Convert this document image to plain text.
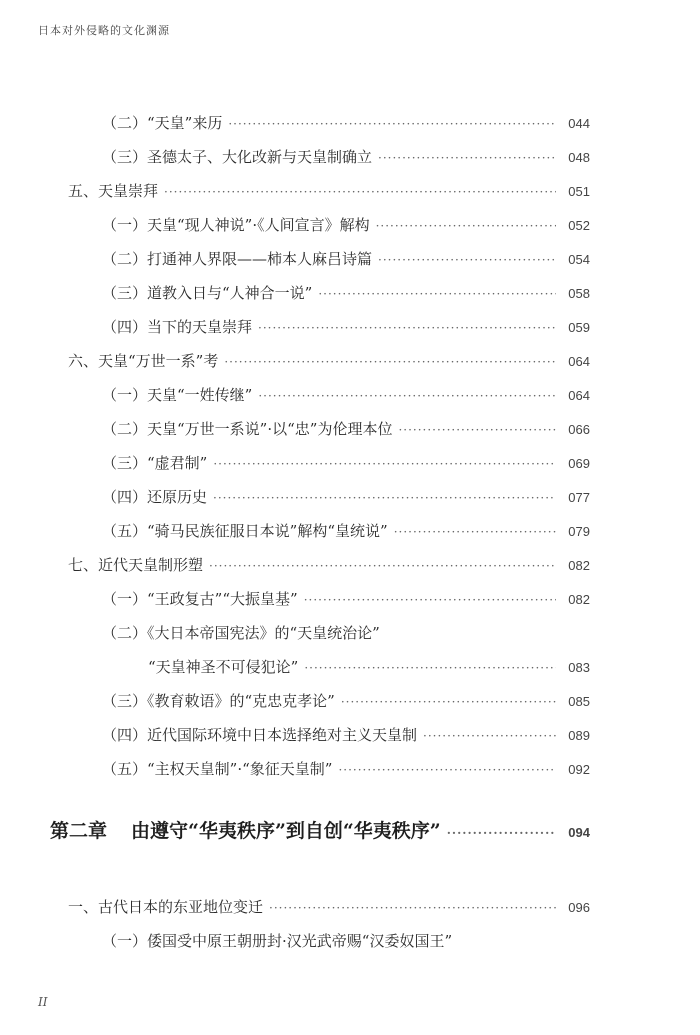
日本对外侵略的文化渊源
（二）“天皇”来历 ·····	044
（三）圣德太子、大化改新与天皇制确立 ·····	048
五、天皇崇拜 ·····	051
（一）天皇“现人神说”·《人间宣言》解构 ·····	052
（二）打通神人界限——柿本人麻吕诗篇 ·····	054
（三）道教入日与“人神合一说” ·····	058
（四）当下的天皇崇拜 ·····	059
六、天皇“万世一系”考 ·····	064
（一）天皇“一姓传继” ·····	064
（二）天皇“万世一系说”·以“忠”为伦理本位 ·····	066
（三）“虚君制” ·····	069
（四）还原历史 ·····	077
（五）“骑马民族征服日本说”解构“皇统说” ·····	079
七、近代天皇制形塑 ·····	082
（一）“王政复古”“大振皇基” ·····	082
（二）《大日本帝国宪法》的“天皇统治论”
“天皇神圣不可侵犯论” ·····	083
（三）《教育敕语》的“克忠克孝论” ·····	085
（四）近代国际环境中日本选择绝对主义天皇制 ·····	089
（五）“主权天皇制”·“象征天皇制” ·····	092
第二章 由遵守“华夷秩序”到自创“华夷秩序” ·····	094
一、古代日本的东亚地位变迁 ·····	096
（一）倭国受中原王朝册封·汉光武帝赐“汉委奴国王”
II
